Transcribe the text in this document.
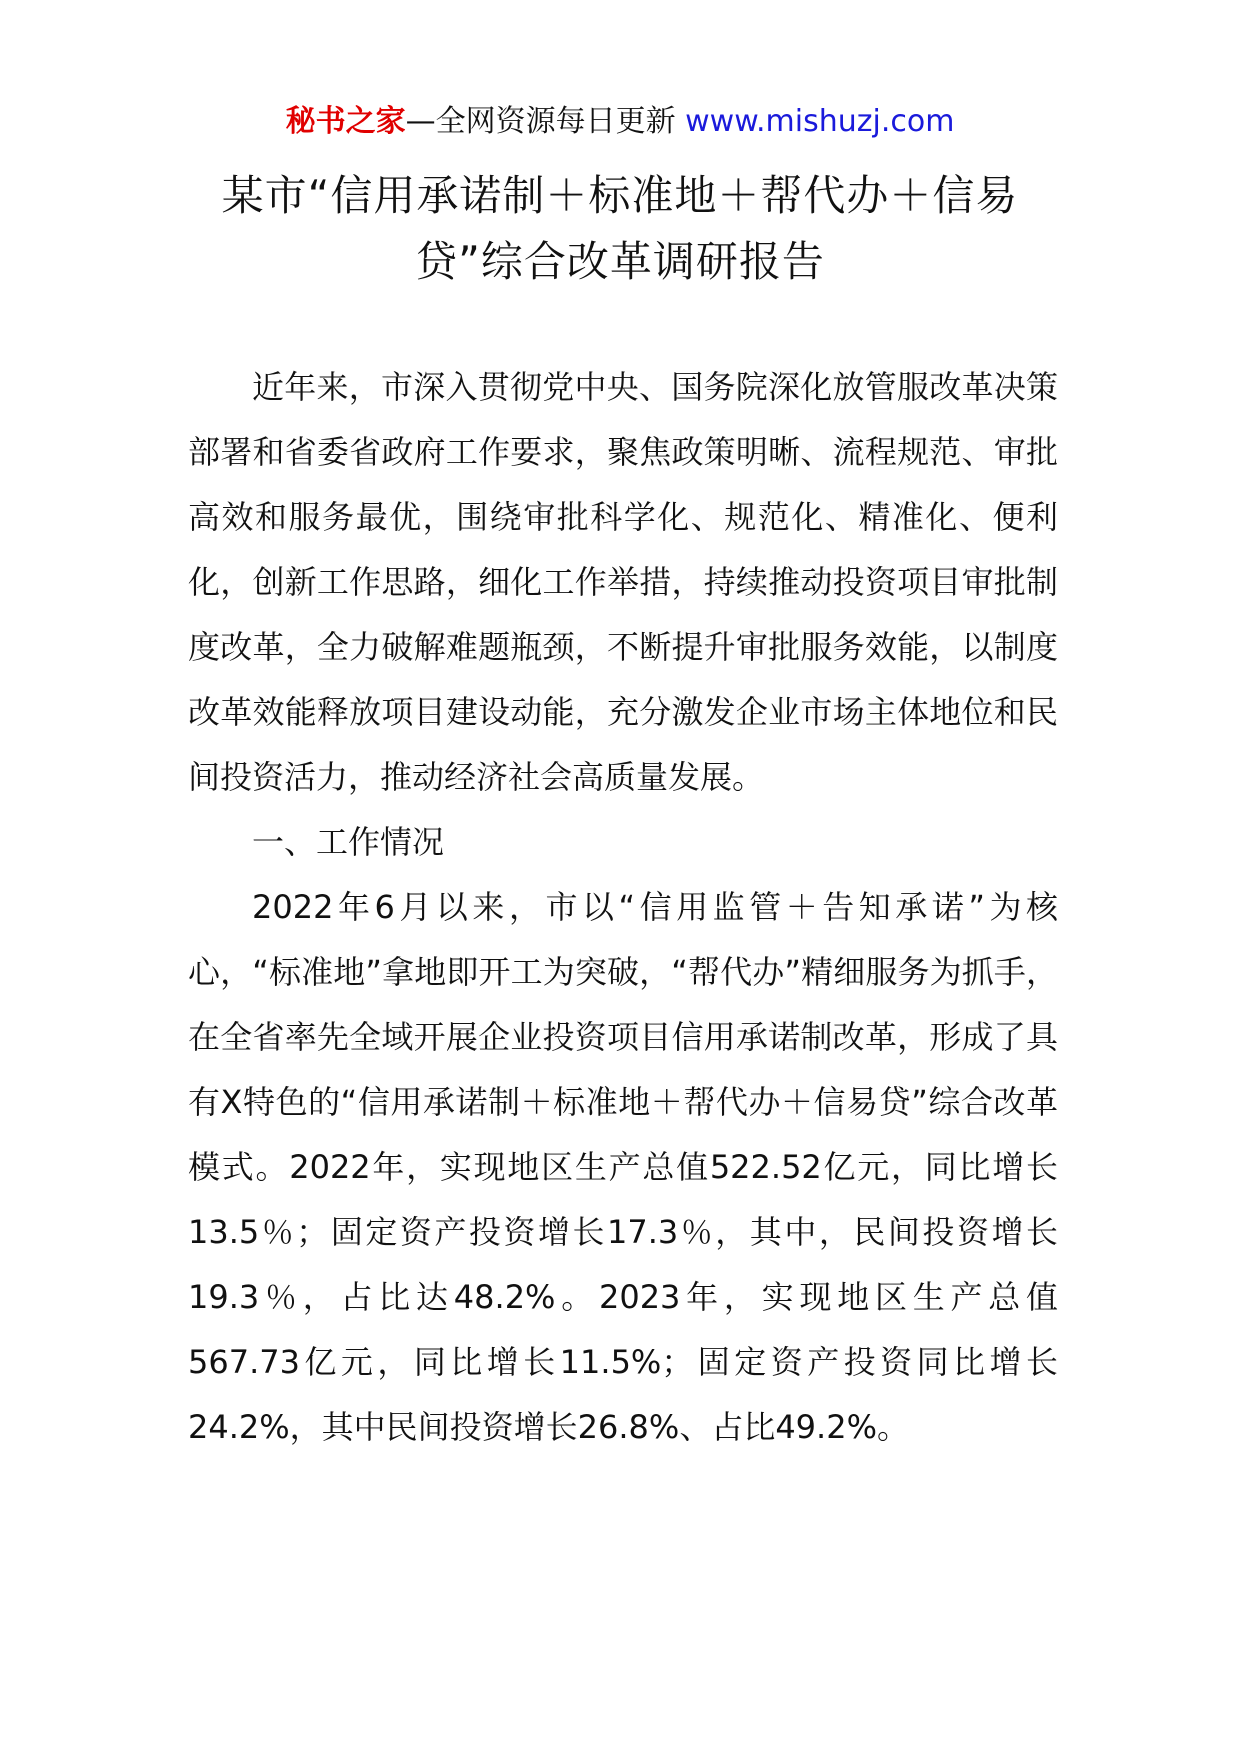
秘书之家—全网资源每日更新 www.mishuzj.com
某市“信用承诺制＋标准地＋帮代办＋信易
贷”综合改革调研报告

近年来，市深入贯彻党中央、国务院深化放管服改革决策部署和省委省政府工作要求，聚焦政策明晰、流程规范、审批高效和服务最优，围绕审批科学化、规范化、精准化、便利化，创新工作思路，细化工作举措，持续推动投资项目审批制度改革，全力破解难题瓶颈，不断提升审批服务效能，以制度改革效能释放项目建设动能，充分激发企业市场主体地位和民间投资活力，推动经济社会高质量发展。

一、工作情况

2022年6月以来，市以“信用监管＋告知承诺”为核心，“标准地”拿地即开工为突破，“帮代办”精细服务为抓手，在全省率先全域开展企业投资项目信用承诺制改革，形成了具有X特色的“信用承诺制＋标准地＋帮代办＋信易贷”综合改革模式。2022年，实现地区生产总值522.52亿元，同比增长13.5％；固定资产投资增长17.3％，其中，民间投资增长19.3％，占比达48.2%。2023年，实现地区生产总值567.73亿元，同比增长11.5%；固定资产投资同比增长24.2%，其中民间投资增长26.8%、占比49.2%。
